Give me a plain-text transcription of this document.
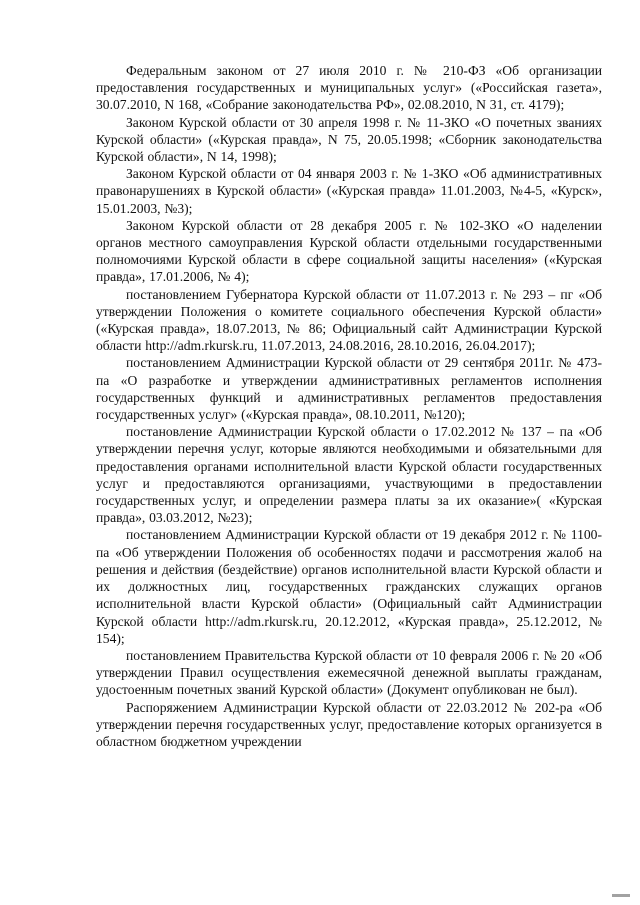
Федеральным законом от 27 июля 2010 г. № 210-ФЗ «Об организации предоставления государственных и муниципальных услуг» («Российская газета», 30.07.2010, N 168, «Собрание законодательства РФ», 02.08.2010, N 31, ст. 4179);

Законом Курской области от 30 апреля 1998 г. № 11-ЗКО «О почетных званиях Курской области» («Курская правда», N 75, 20.05.1998; «Сборник законодательства Курской области», N 14, 1998);

Законом Курской области от 04 января 2003 г. № 1-ЗКО «Об административных правонарушениях в Курской области» («Курская правда» 11.01.2003, №4-5, «Курск», 15.01.2003, №3);

Законом Курской области от 28 декабря 2005 г. № 102-ЗКО «О наделении органов местного самоуправления Курской области отдельными государственными полномочиями Курской области в сфере социальной защиты населения» («Курская правда», 17.01.2006, № 4);

постановлением Губернатора Курской области от 11.07.2013 г. № 293 – пг «Об утверждении Положения о комитете социального обеспечения Курской области» («Курская правда», 18.07.2013, № 86; Официальный сайт Администрации Курской области http://adm.rkursk.ru, 11.07.2013, 24.08.2016, 28.10.2016, 26.04.2017);

постановлением Администрации Курской области от 29 сентября 2011г. № 473-па «О разработке и утверждении административных регламентов исполнения государственных функций и административных регламентов предоставления государственных услуг» («Курская правда», 08.10.2011, №120);

постановление Администрации Курской области о 17.02.2012 № 137 – па «Об утверждении перечня услуг, которые являются необходимыми и обязательными для предоставления органами исполнительной власти Курской области государственных услуг и предоставляются организациями, участвующими в предоставлении государственных услуг, и определении размера платы за их оказание»( «Курская правда», 03.03.2012, №23);

постановлением Администрации Курской области от 19 декабря 2012 г. № 1100-па «Об утверждении Положения об особенностях подачи и рассмотрения жалоб на решения и действия (бездействие) органов исполнительной власти Курской области и их должностных лиц, государственных гражданских служащих органов исполнительной власти Курской области» (Официальный сайт Администрации Курской области http://adm.rkursk.ru, 20.12.2012, «Курская правда», 25.12.2012, № 154);

постановлением Правительства Курской области от 10 февраля 2006 г. № 20 «Об утверждении Правил осуществления ежемесячной денежной выплаты гражданам, удостоенным почетных званий Курской области» (Документ опубликован не был).

Распоряжением Администрации Курской области от 22.03.2012 № 202-ра «Об утверждении перечня государственных услуг, предоставление которых организуется в областном бюджетном учреждении
